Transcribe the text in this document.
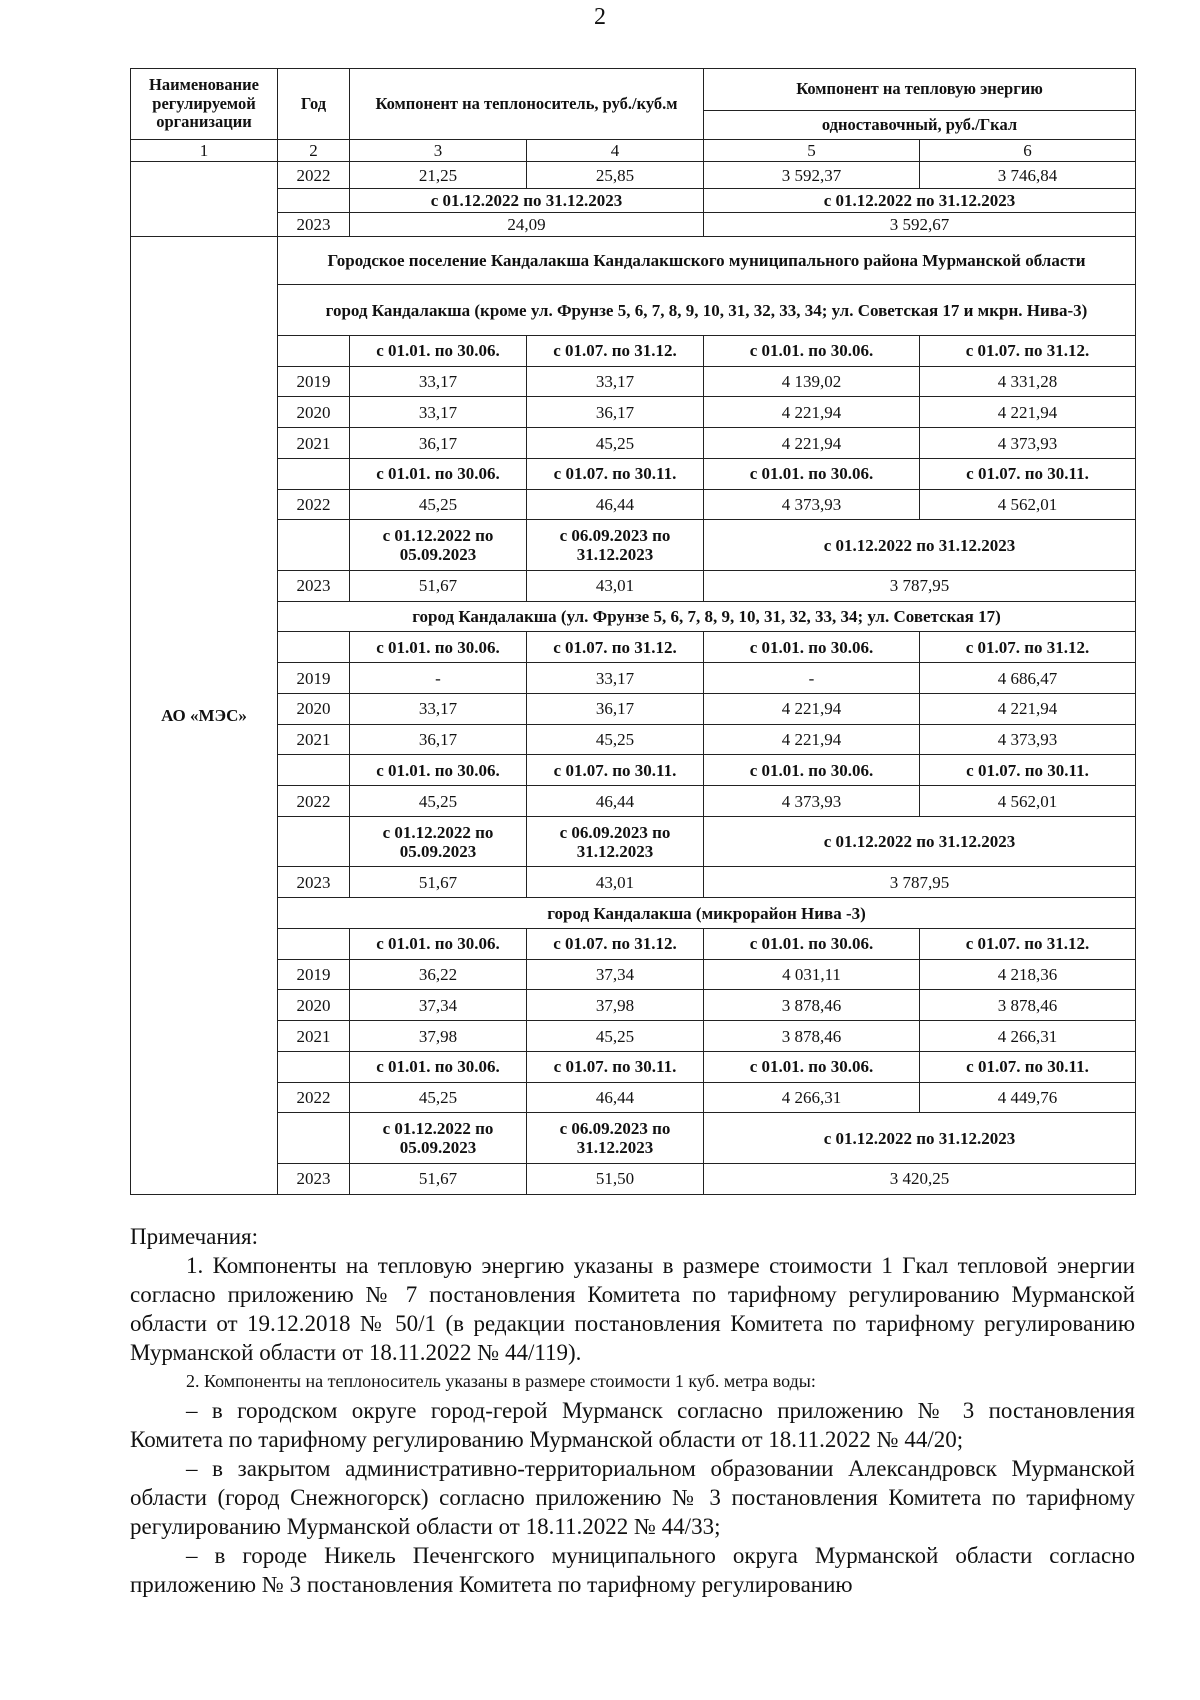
2
Наименование регулируемой организации	Год	Компонент на теплоноситель, руб./куб.м		Компонент на тепловую энергию	
				одноставочный, руб./Гкал	
1	2	3	4	5	6
	2022	21,25	25,85	3 592,37	3 746,84
		с 01.12.2022 по 31.12.2023		с 01.12.2022 по 31.12.2023	
	2023	24,09		3 592,67	
АО «МЭС»	Городское поселение Кандалакша Кандалакшского муниципального района Мурманской области				
	город Кандалакша (кроме ул. Фрунзе 5, 6, 7, 8, 9, 10, 31, 32, 33, 34; ул. Советская 17 и мкрн. Нива-3)				
		с 01.01. по 30.06.	с 01.07. по 31.12.	с 01.01. по 30.06.	с 01.07. по 31.12.
	2019	33,17	33,17	4 139,02	4 331,28
	2020	33,17	36,17	4 221,94	4 221,94
	2021	36,17	45,25	4 221,94	4 373,93
		с 01.01. по 30.06.	с 01.07. по 30.11.	с 01.01. по 30.06.	с 01.07. по 30.11.
	2022	45,25	46,44	4 373,93	4 562,01
		с 01.12.2022 по 05.09.2023	с 06.09.2023 по 31.12.2023	с 01.12.2022 по 31.12.2023	
	2023	51,67	43,01	3 787,95	
	город Кандалакша (ул. Фрунзе 5, 6, 7, 8, 9, 10, 31, 32, 33, 34; ул. Советская 17)				
		с 01.01. по 30.06.	с 01.07. по 31.12.	с 01.01. по 30.06.	с 01.07. по 31.12.
	2019	-	33,17	-	4 686,47
	2020	33,17	36,17	4 221,94	4 221,94
	2021	36,17	45,25	4 221,94	4 373,93
		с 01.01. по 30.06.	с 01.07. по 30.11.	с 01.01. по 30.06.	с 01.07. по 30.11.
	2022	45,25	46,44	4 373,93	4 562,01
		с 01.12.2022 по 05.09.2023	с 06.09.2023 по 31.12.2023	с 01.12.2022 по 31.12.2023	
	2023	51,67	43,01	3 787,95	
	город Кандалакша (микрорайон Нива -3)				
		с 01.01. по 30.06.	с 01.07. по 31.12.	с 01.01. по 30.06.	с 01.07. по 31.12.
	2019	36,22	37,34	4 031,11	4 218,36
	2020	37,34	37,98	3 878,46	3 878,46
	2021	37,98	45,25	3 878,46	4 266,31
		с 01.01. по 30.06.	с 01.07. по 30.11.	с 01.01. по 30.06.	с 01.07. по 30.11.
	2022	45,25	46,44	4 266,31	4 449,76
		с 01.12.2022 по 05.09.2023	с 06.09.2023 по 31.12.2023	с 01.12.2022 по 31.12.2023	
	2023	51,67	51,50	3 420,25	

Примечания:

1. Компоненты на тепловую энергию указаны в размере стоимости 1 Гкал тепловой энергии согласно приложению № 7 постановления Комитета по тарифному регулированию Мурманской области от 19.12.2018 № 50/1 (в редакции постановления Комитета по тарифному регулированию Мурманской области от 18.11.2022 № 44/119).

2. Компоненты на теплоноситель указаны в размере стоимости 1 куб. метра воды:

– в городском округе город-герой Мурманск согласно приложению № 3 постановления Комитета по тарифному регулированию Мурманской области от 18.11.2022 № 44/20;

– в закрытом административно-территориальном образовании Александровск Мурманской области (город Снежногорск) согласно приложению № 3 постановления Комитета по тарифному регулированию Мурманской области от 18.11.2022 № 44/33;

– в городе Никель Печенгского муниципального округа Мурманской области согласно приложению № 3 постановления Комитета по тарифному регулированию
